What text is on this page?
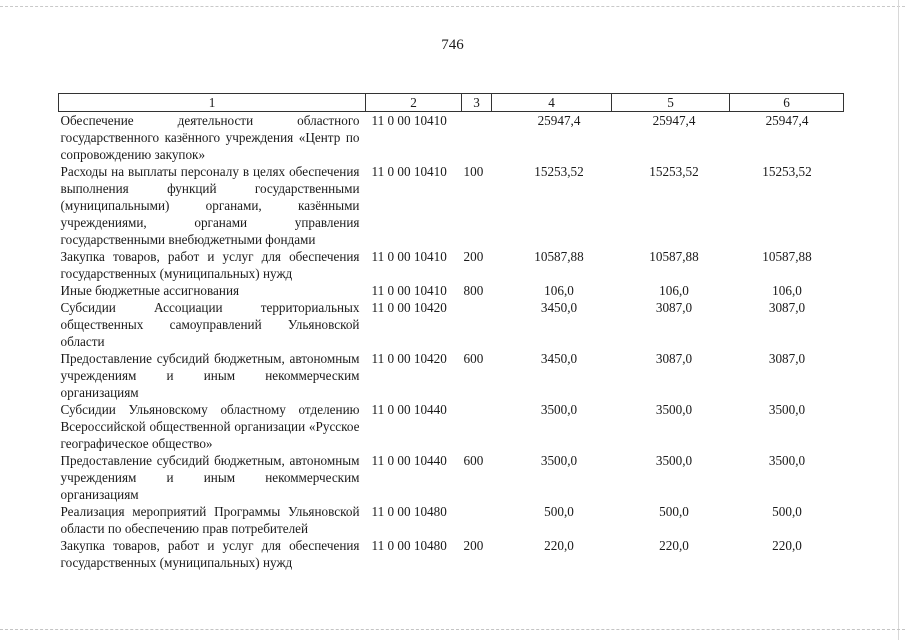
746
1	2	3	4	5	6
Обеспечение деятельности областного государственного казённого учреждения «Центр по сопровождению закупок»	11 0 00 10410		25947,4	25947,4	25947,4
Расходы на выплаты персоналу в целях обеспечения выполнения функций государственными (муниципальными) органами, казёнными учреждениями, органами управления государственными внебюджетными фондами	11 0 00 10410	100	15253,52	15253,52	15253,52
Закупка товаров, работ и услуг для обеспечения государственных (муниципальных) нужд	11 0 00 10410	200	10587,88	10587,88	10587,88
Иные бюджетные ассигнования	11 0 00 10410	800	106,0	106,0	106,0
Субсидии Ассоциации территориальных общественных самоуправлений Ульяновской области	11 0 00 10420		3450,0	3087,0	3087,0
Предоставление субсидий бюджетным, автономным учреждениям и иным некоммерческим организациям	11 0 00 10420	600	3450,0	3087,0	3087,0
Субсидии Ульяновскому областному отделению Всероссийской общественной организации «Русское географическое общество»	11 0 00 10440		3500,0	3500,0	3500,0
Предоставление субсидий бюджетным, автономным учреждениям и иным некоммерческим организациям	11 0 00 10440	600	3500,0	3500,0	3500,0
Реализация мероприятий Программы Ульяновской области по обеспечению прав потребителей	11 0 00 10480		500,0	500,0	500,0
Закупка товаров, работ и услуг для обеспечения государственных (муниципальных) нужд	11 0 00 10480	200	220,0	220,0	220,0
